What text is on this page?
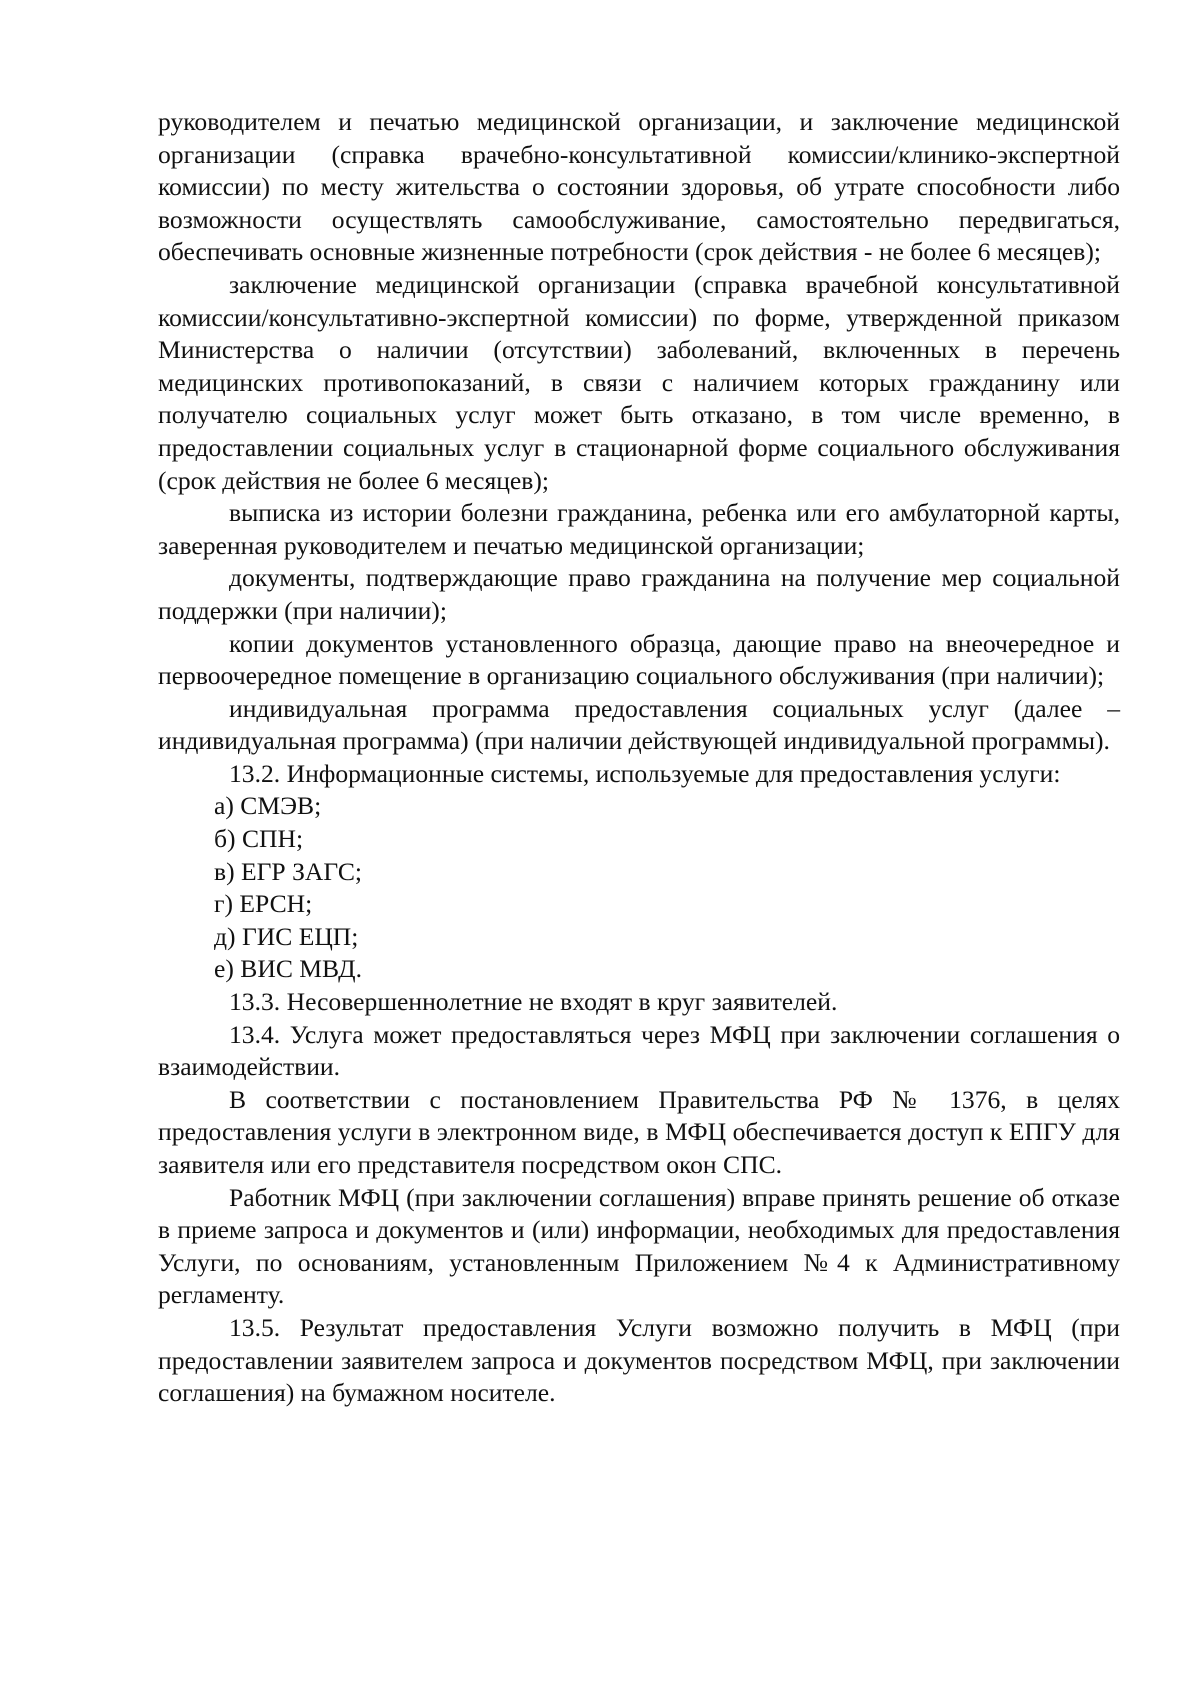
руководителем и печатью медицинской организации, и заключение медицинской организации (справка врачебно-консультативной комиссии/клинико-экспертной комиссии) по месту жительства о состоянии здоровья, об утрате способности либо возможности осуществлять самообслуживание, самостоятельно передвигаться, обеспечивать основные жизненные потребности (срок действия - не более 6 месяцев);

заключение медицинской организации (справка врачебной консультативной комиссии/консультативно-экспертной комиссии) по форме, утвержденной приказом Министерства о наличии (отсутствии) заболеваний, включенных в перечень медицинских противопоказаний, в связи с наличием которых гражданину или получателю социальных услуг может быть отказано, в том числе временно, в предоставлении социальных услуг в стационарной форме социального обслуживания (срок действия не более 6 месяцев);

выписка из истории болезни гражданина, ребенка или его амбулаторной карты, заверенная руководителем и печатью медицинской организации;

документы, подтверждающие право гражданина на получение мер социальной поддержки (при наличии);

копии документов установленного образца, дающие право на внеочередное и первоочередное помещение в организацию социального обслуживания (при наличии);

индивидуальная программа предоставления социальных услуг (далее – индивидуальная программа) (при наличии действующей индивидуальной программы).

13.2. Информационные системы, используемые для предоставления услуги:

а) СМЭВ;

б) СПН;

в) ЕГР ЗАГС;

г) ЕРСН;

д) ГИС ЕЦП;

е) ВИС МВД.

13.3. Несовершеннолетние не входят в круг заявителей.

13.4. Услуга может предоставляться через МФЦ при заключении соглашения о взаимодействии.

В соответствии с постановлением Правительства РФ № 1376, в целях предоставления услуги в электронном виде, в МФЦ обеспечивается доступ к ЕПГУ для заявителя или его представителя посредством окон СПС.

Работник МФЦ (при заключении соглашения) вправе принять решение об отказе в приеме запроса и документов и (или) информации, необходимых для предоставления Услуги, по основаниям, установленным Приложением №4 к Административному регламенту.

13.5. Результат предоставления Услуги возможно получить в МФЦ (при предоставлении заявителем запроса и документов посредством МФЦ, при заключении соглашения) на бумажном носителе.
